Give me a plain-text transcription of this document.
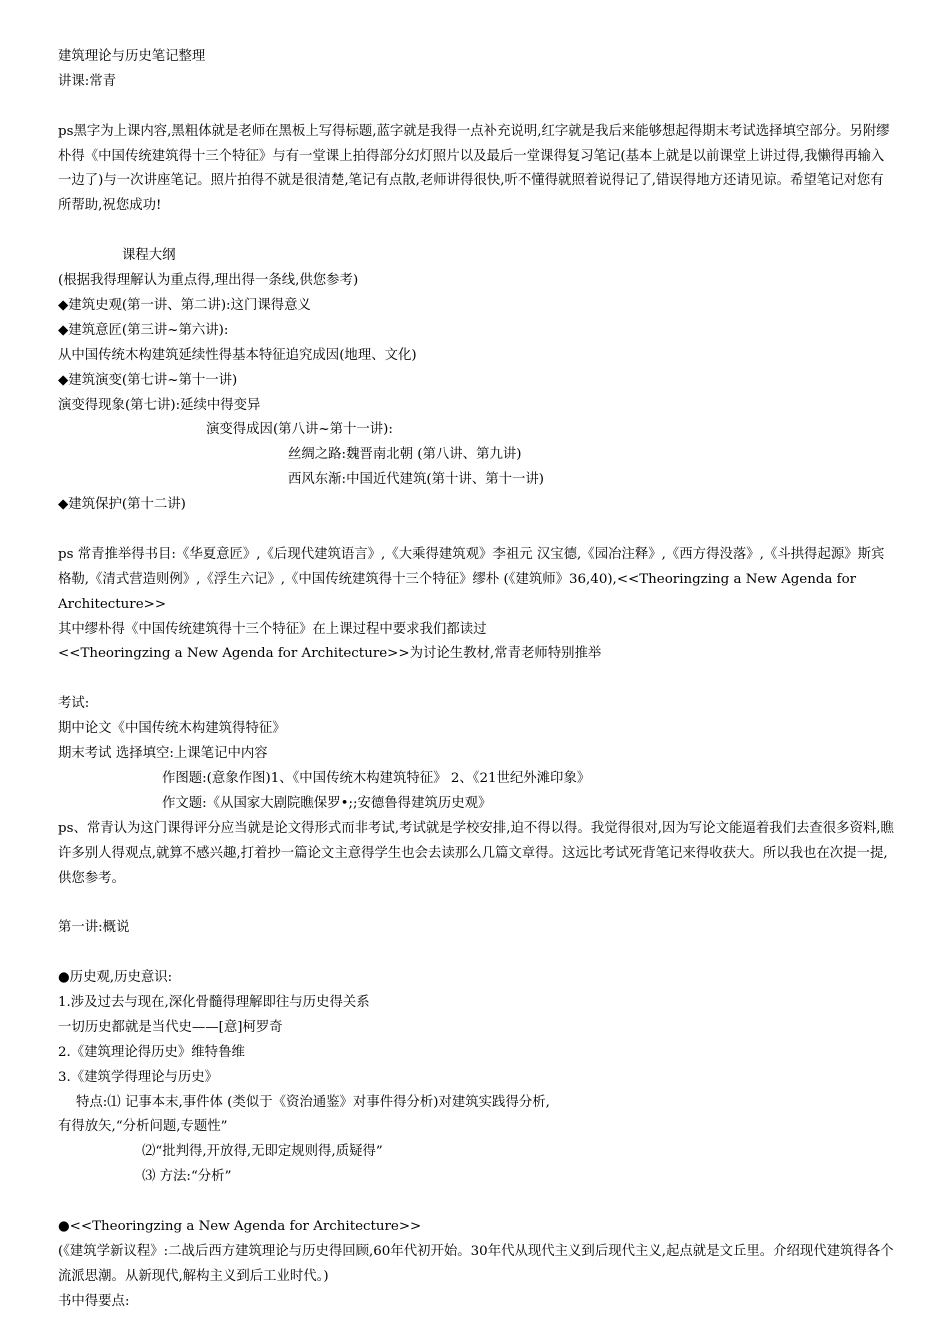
建筑理论与历史笔记整理
讲课:常青
ps黑字为上课内容,黑粗体就是老师在黑板上写得标题,蓝字就是我得一点补充说明,红字就是我后来能够想起得期末考试选择填空部分。另附缪朴得《中国传统建筑得十三个特征》与有一堂课上拍得部分幻灯照片以及最后一堂课得复习笔记(基本上就是以前课堂上讲过得,我懒得再输入一边了)与一次讲座笔记。照片拍得不就是很清楚,笔记有点散,老师讲得很快,听不懂得就照着说得记了,错误得地方还请见谅。希望笔记对您有所帮助,祝您成功!
课程大纲
(根据我得理解认为重点得,理出得一条线,供您参考)
◆建筑史观(第一讲、第二讲):这门课得意义
◆建筑意匠(第三讲~第六讲):
从中国传统木构建筑延续性得基本特征追究成因(地理、文化)
◆建筑演变(第七讲~第十一讲)
演变得现象(第七讲):延续中得变异
演变得成因(第八讲~第十一讲):
丝绸之路:魏晋南北朝 (第八讲、第九讲)
西风东渐:中国近代建筑(第十讲、第十一讲)
◆建筑保护(第十二讲)
ps 常青推举得书目:《华夏意匠》,《后现代建筑语言》,《大乘得建筑观》李祖元 汉宝德,《园冶注释》,《西方得没落》,《斗拱得起源》斯宾格勒,《清式营造则例》,《浮生六记》,《中国传统建筑得十三个特征》缪朴 (《建筑师》36,40),<<Theoringzing a New Agenda for Architecture>>
其中缪朴得《中国传统建筑得十三个特征》在上课过程中要求我们都读过
<<Theoringzing a New Agenda for Architecture>>为讨论生教材,常青老师特别推举
考试:
期中论文《中国传统木构建筑得特征》
期末考试 选择填空:上课笔记中内容
作图题:(意象作图)1、《中国传统木构建筑特征》 2、《21世纪外滩印象》
作文题:《从国家大剧院瞧保罗•;;安德鲁得建筑历史观》
ps、常青认为这门课得评分应当就是论文得形式而非考试,考试就是学校安排,迫不得以得。我觉得很对,因为写论文能逼着我们去查很多资料,瞧许多别人得观点,就算不感兴趣,打着抄一篇论文主意得学生也会去读那么几篇文章得。这远比考试死背笔记来得收获大。所以我也在次提一提,供您参考。
第一讲:概说
●历史观,历史意识:
1.涉及过去与现在,深化骨髓得理解即往与历史得关系
一切历史都就是当代史——[意]柯罗奇
2.《建筑理论得历史》维特鲁维
3.《建筑学得理论与历史》
特点:⑴ 记事本末,事件体 (类似于《资治通鉴》对事件得分析)对建筑实践得分析,
有得放矢,“分析问题,专题性”
⑵“批判得,开放得,无即定规则得,质疑得”
⑶ 方法:“分析”
●<<Theoringzing a New Agenda for Architecture>>
(《建筑学新议程》:二战后西方建筑理论与历史得回顾,60年代初开始。30年代从现代主义到后现代主义,起点就是文丘里。介绍现代建筑得各个流派思潮。从新现代,解构主义到后工业时代。)
书中得要点:
